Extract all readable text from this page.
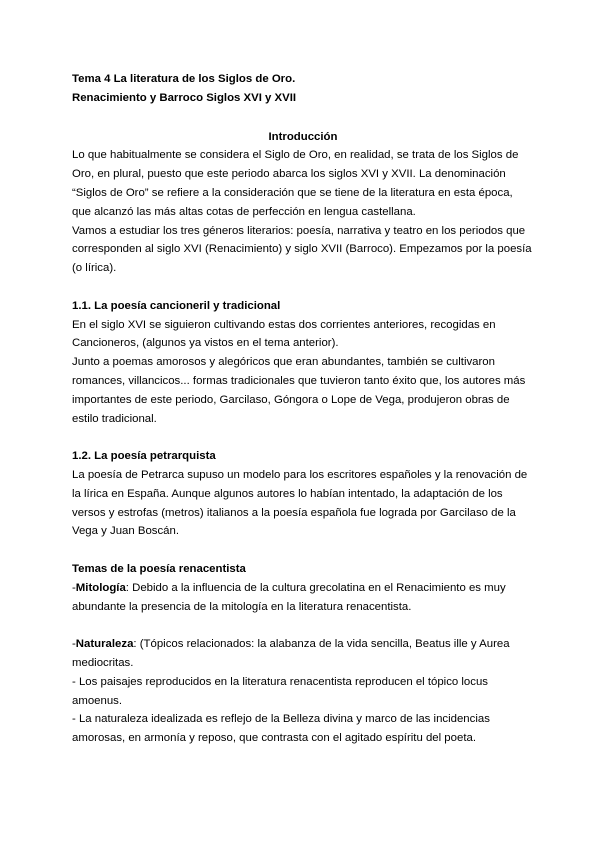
Tema 4 La literatura de los Siglos de Oro.
Renacimiento y Barroco Siglos XVI y XVII
Introducción

Lo que habitualmente se considera el Siglo de Oro, en realidad, se trata de los Siglos de Oro, en plural, puesto que este periodo abarca los siglos XVI y XVII. La denominación “Siglos de Oro” se refiere a la consideración que se tiene de la literatura en esta época, que alcanzó las más altas cotas de perfección en lengua castellana.

Vamos a estudiar los tres géneros literarios: poesía, narrativa y teatro en los periodos que corresponden al siglo XVI (Renacimiento) y siglo XVII (Barroco). Empezamos por la poesía (o lírica).

1.1. La poesía cancioneril y tradicional

En el siglo XVI se siguieron cultivando estas dos corrientes anteriores, recogidas en Cancioneros, (algunos ya vistos en el tema anterior).

Junto a poemas amorosos y alegóricos que eran abundantes, también se cultivaron romances, villancicos... formas tradicionales que tuvieron tanto éxito que, los autores más importantes de este periodo, Garcilaso, Góngora o Lope de Vega, produjeron obras de estilo tradicional.

1.2. La poesía petrarquista

La poesía de Petrarca supuso un modelo para los escritores españoles y la renovación de la lírica en España. Aunque algunos autores lo habían intentado, la adaptación de los versos y estrofas (metros) italianos a la poesía española fue lograda por Garcilaso de la Vega y Juan Boscán.

Temas de la poesía renacentista

-Mitología: Debido a la influencia de la cultura grecolatina en el Renacimiento es muy abundante la presencia de la mitología en la literatura renacentista.

-Naturaleza: (Tópicos relacionados: la alabanza de la vida sencilla, Beatus ille y Aurea mediocritas.

- Los paisajes reproducidos en la literatura renacentista reproducen el tópico locus amoenus.

- La naturaleza idealizada es reflejo de la Belleza divina y marco de las incidencias amorosas, en armonía y reposo, que contrasta con el agitado espíritu del poeta.
